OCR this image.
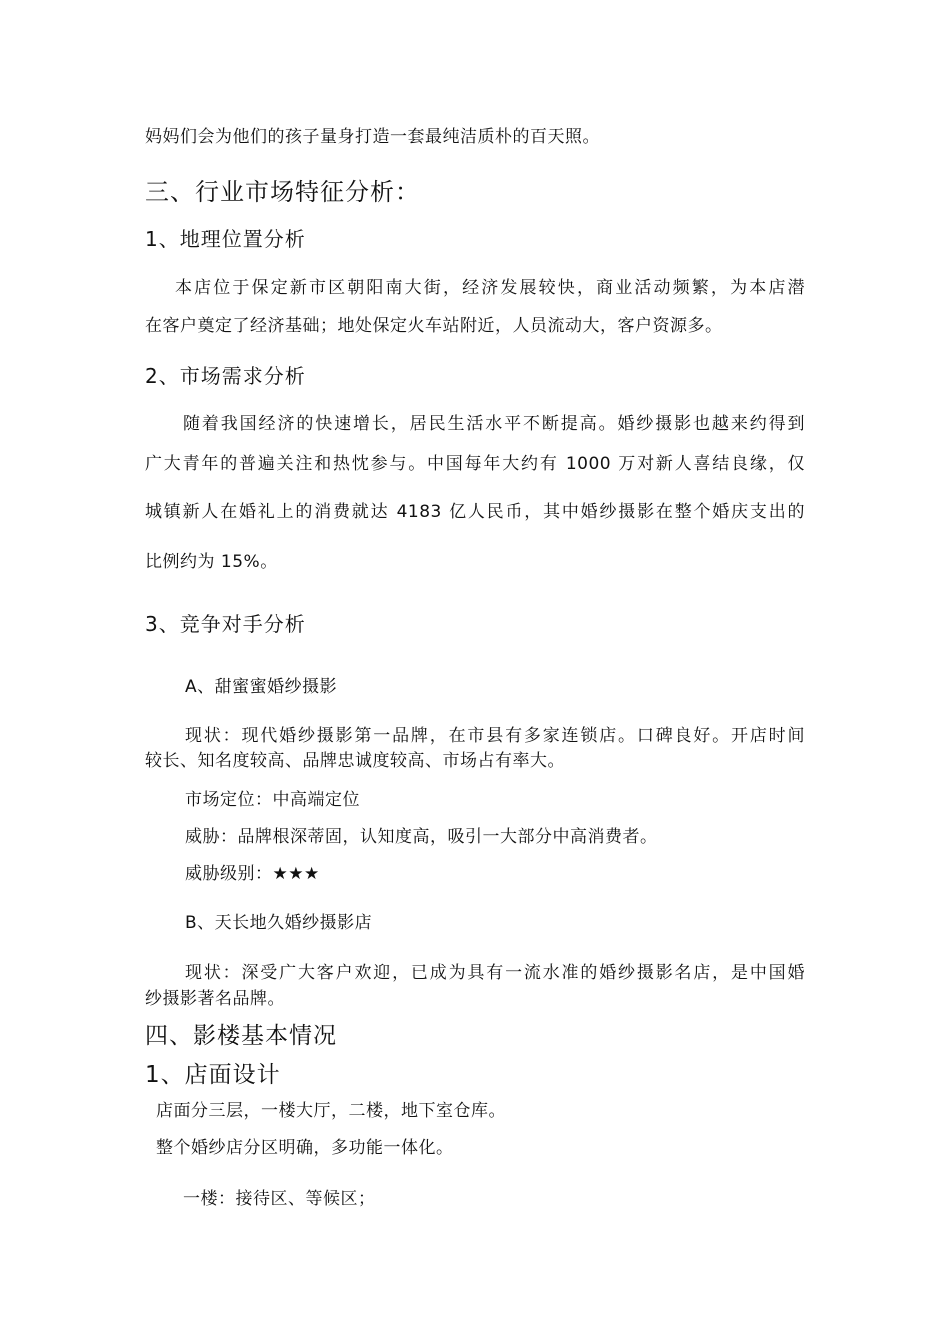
妈妈们会为他们的孩子量身打造一套最纯洁质朴的百天照。
三、行业市场特征分析：
1、地理位置分析
本店位于保定新市区朝阳南大街，经济发展较快，商业活动频繁，为本店潜
在客户奠定了经济基础；地处保定火车站附近，人员流动大，客户资源多。
2、市场需求分析
随着我国经济的快速增长，居民生活水平不断提高。婚纱摄影也越来约得到
广大青年的普遍关注和热忱参与。中国每年大约有 1000 万对新人喜结良缘，仅
城镇新人在婚礼上的消费就达 4183 亿人民币，其中婚纱摄影在整个婚庆支出的
比例约为 15%。
3、竞争对手分析
A、甜蜜蜜婚纱摄影
现状：现代婚纱摄影第一品牌，在市县有多家连锁店。口碑良好。开店时间
较长、知名度较高、品牌忠诚度较高、市场占有率大。
市场定位：中高端定位
威胁：品牌根深蒂固，认知度高，吸引一大部分中高消费者。
威胁级别：★★★
B、天长地久婚纱摄影店
现状：深受广大客户欢迎，已成为具有一流水准的婚纱摄影名店，是中国婚
纱摄影著名品牌。
四、影楼基本情况
1、店面设计
店面分三层，一楼大厅，二楼，地下室仓库。
整个婚纱店分区明确，多功能一体化。
一楼：接待区、等候区；
